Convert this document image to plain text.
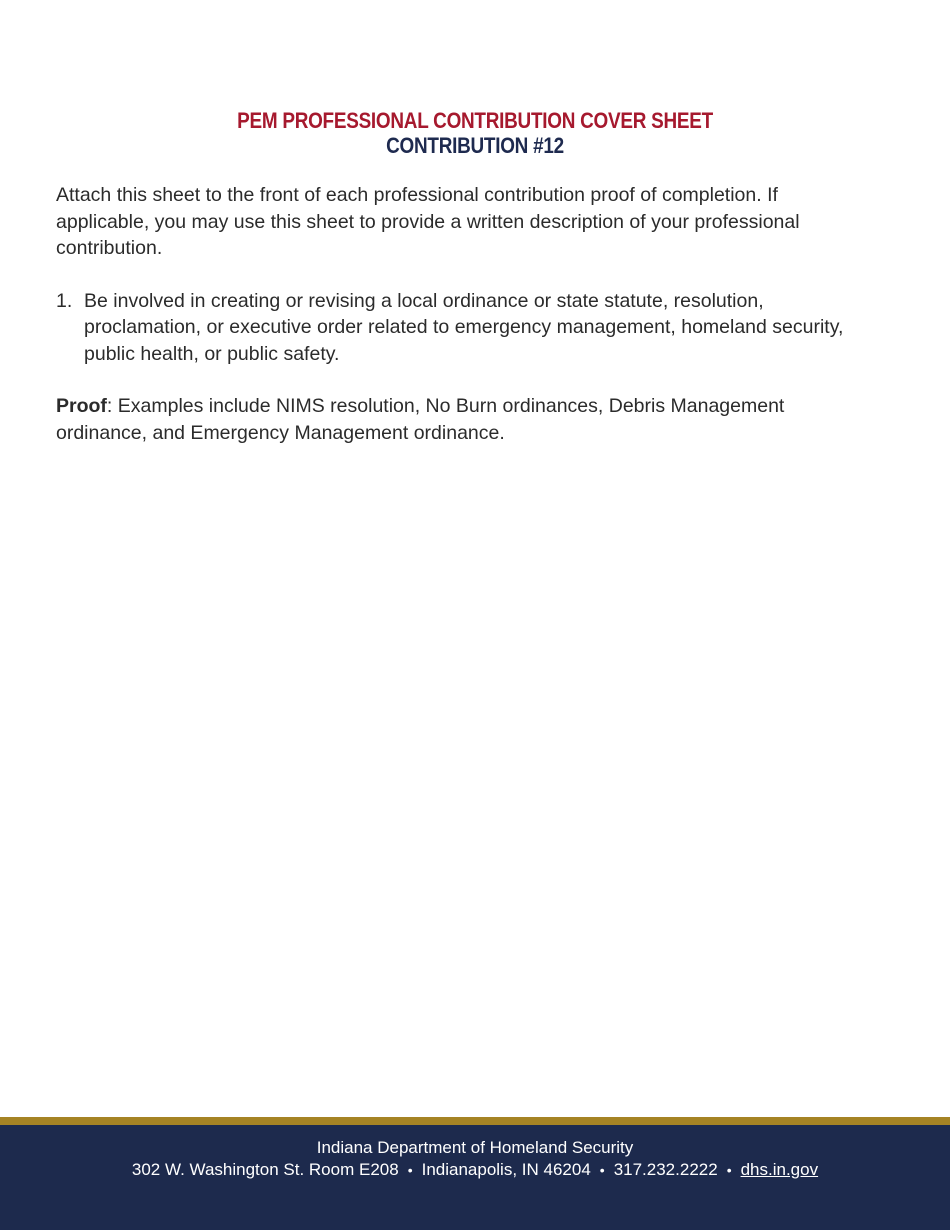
PEM PROFESSIONAL CONTRIBUTION COVER SHEET
CONTRIBUTION #12

Attach this sheet to the front of each professional contribution proof of completion. If applicable, you may use this sheet to provide a written description of your professional contribution.

1. Be involved in creating or revising a local ordinance or state statute, resolution, proclamation, or executive order related to emergency management, homeland security, public health, or public safety.

Proof: Examples include NIMS resolution, No Burn ordinances, Debris Management ordinance, and Emergency Management ordinance.

Indiana Department of Homeland Security
302 W. Washington St. Room E208 • Indianapolis, IN 46204 • 317.232.2222 • dhs.in.gov
